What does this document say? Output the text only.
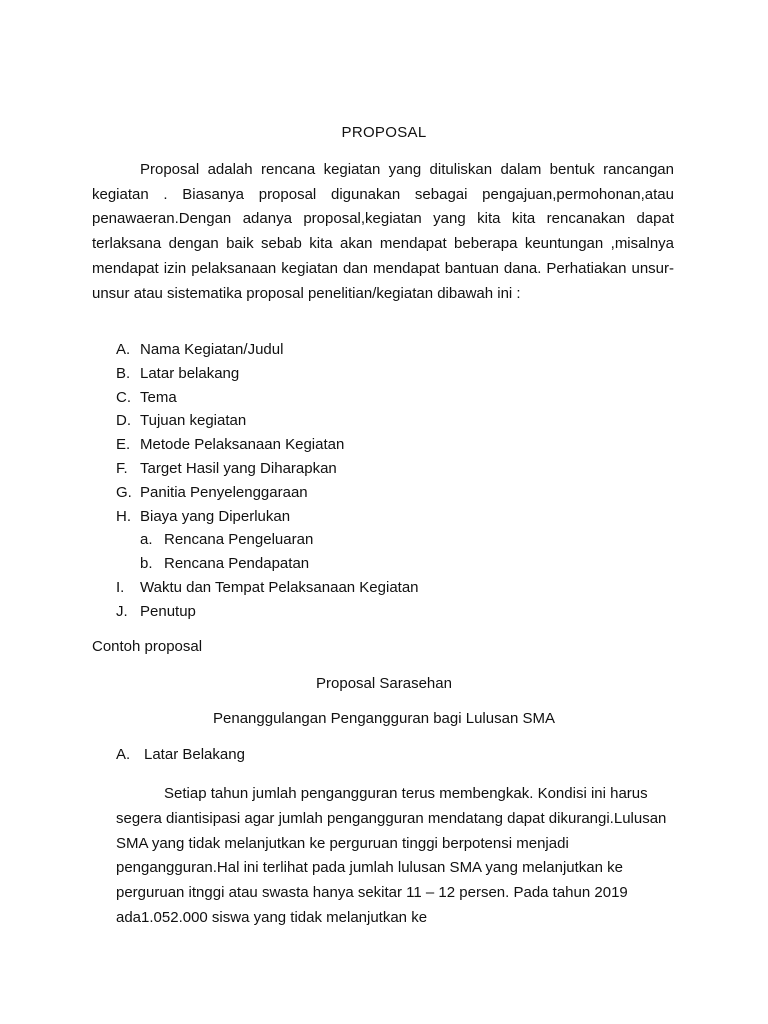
PROPOSAL

Proposal adalah rencana kegiatan yang dituliskan dalam bentuk rancangan kegiatan . Biasanya proposal digunakan sebagai pengajuan,permohonan,atau penawaeran.Dengan adanya proposal,kegiatan yang kita kita rencanakan dapat terlaksana dengan baik sebab kita akan mendapat beberapa keuntungan ,misalnya mendapat izin pelaksanaan kegiatan dan mendapat bantuan dana. Perhatiakan unsur-unsur atau sistematika proposal penelitian/kegiatan dibawah ini :

A. Nama Kegiatan/Judul
B. Latar belakang
C. Tema
D. Tujuan kegiatan
E. Metode Pelaksanaan Kegiatan
F. Target Hasil yang Diharapkan
G. Panitia Penyelenggaraan
H. Biaya yang Diperlukan
a. Rencana Pengeluaran
b. Rencana Pendapatan
I. Waktu dan Tempat Pelaksanaan Kegiatan
J. Penutup
Contoh proposal
Proposal Sarasehan
Penanggulangan Pengangguran bagi Lulusan SMA
A. Latar Belakang

Setiap tahun jumlah pengangguran terus membengkak. Kondisi ini harus segera diantisipasi agar jumlah pengangguran mendatang dapat dikurangi.Lulusan SMA yang tidak melanjutkan ke perguruan tinggi berpotensi menjadi pengangguran.Hal ini terlihat pada jumlah lulusan SMA yang melanjutkan ke perguruan itnggi atau swasta hanya sekitar 11 – 12 persen. Pada tahun 2019 ada1.052.000 siswa yang tidak melanjutkan ke
